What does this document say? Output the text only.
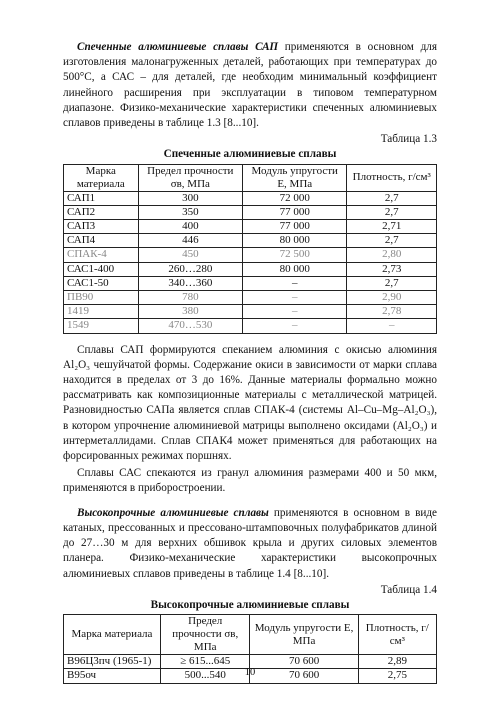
Спеченные алюминиевые сплавы САП применяются в основном для изготовления малонагруженных деталей, работающих при температурах до 500°С, а САС – для деталей, где необходим минимальный коэффициент линейного расширения при эксплуатации в типовом температурном диапазоне. Физико-механические характеристики спеченных алюминиевых сплавов приведены в таблице 1.3 [8...10].

Таблица 1.3
Спеченные алюминиевые сплавы
Марка материала	Предел прочности σв, МПа	Модуль упругости Е, МПа	Плотность, г/см³
САП1	300	72 000	2,7
САП2	350	77 000	2,7
САП3	400	77 000	2,71
САП4	446	80 000	2,7
СПАК-4	450	72 500	2,80
САС1-400	260…280	80 000	2,73
САС1-50	340…360	–	2,7
ПВ90	780	–	2,90
1419	380	–	2,78
1549	470…530	–	–

Сплавы САП формируются спеканием алюминия с окисью алюминия Al₂O₃ чешуйчатой формы. Содержание окиси в зависимости от марки сплава находится в пределах от 3 до 16%. Данные материалы формально можно рассматривать как композиционные материалы с металлической матрицей. Разновидностью САПа является сплав СПАК-4 (системы Al–Cu–Mg–Al₂O₃), в котором упрочнение алюминиевой матрицы выполнено оксидами (Al₂O₃) и интерметаллидами. Сплав СПАК4 может применяться для работающих на форсированных режимах поршнях.

Сплавы САС спекаются из гранул алюминия размерами 400 и 50 мкм, применяются в приборостроении.

Высокопрочные алюминиевые сплавы применяются в основном в виде катаных, прессованных и прессовано-штамповочных полуфабрикатов длиной до 27…30 м для верхних обшивок крыла и других силовых элементов планера. Физико-механические характеристики высокопрочных алюминиевых сплавов приведены в таблице 1.4 [8...10].

Таблица 1.4
Высокопрочные алюминиевые сплавы
Марка материала	Предел прочности σв, МПа	Модуль упругости Е, МПа	Плотность, г/см³
В96Ц3пч (1965-1)	≥ 615...645	70 600	2,89
В95оч	500...540	70 600	2,75
10
